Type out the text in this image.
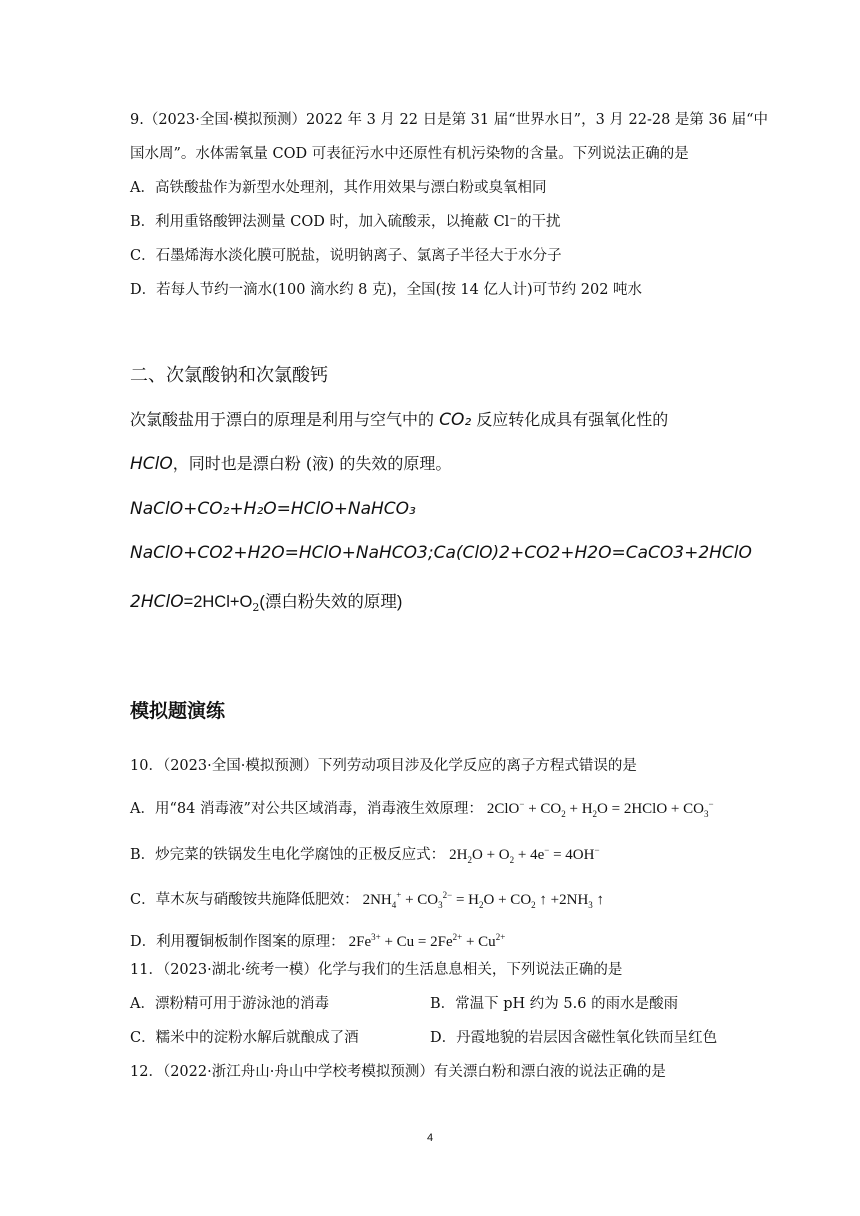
9.（2023·全国·模拟预测）2022 年 3 月 22 日是第 31 届“世界水日”，3 月 22-28 是第 36 届“中
国水周”。水体需氧量 COD 可表征污水中还原性有机污染物的含量。下列说法正确的是
A．高铁酸盐作为新型水处理剂，其作用效果与漂白粉或臭氧相同
B．利用重铬酸钾法测量 COD 时，加入硫酸汞，以掩蔽 Cl⁻的干扰
C．石墨烯海水淡化膜可脱盐，说明钠离子、氯离子半径大于水分子
D．若每人节约一滴水(100 滴水约 8 克)，全国(按 14 亿人计)可节约 202 吨水
二、次氯酸钠和次氯酸钙
次氯酸盐用于漂白的原理是利用与空气中的 CO₂ 反应转化成具有强氧化性的
HClO，同时也是漂白粉 (液) 的失效的原理。
NaClO+CO₂+H₂O=HClO+NaHCO₃
NaClO+CO2+H2O=HClO+NaHCO3;Ca(ClO)2+CO2+H2O=CaCO3+2HClO
$2HClO=2HCl+O_2$(漂白粉失效的原理)
模拟题演练
10．（2023·全国·模拟预测）下列劳动项目涉及化学反应的离子方程式错误的是
A．用“84 消毒液”对公共区域消毒，消毒液生效原理： $2ClO^- + CO_2 + H_2O$ = 2HClO + $CO_3^-$
B．炒完菜的铁锅发生电化学腐蚀的正极反应式： $2H_2O + O_2 + 4e^- = 4OH^-$
C．草木灰与硝酸铵共施降低肥效： $2NH_4^+ + CO_3^{2-} = H_2O + CO_2$ ↑ $+2NH_3$ ↑
D．利用覆铜板制作图案的原理： $2Fe^{3+} + Cu = 2Fe^{2+} + Cu^{2+}$
11．（2023·湖北·统考一模）化学与我们的生活息息相关，下列说法正确的是
A．漂粉精可用于游泳池的消毒	B．常温下 pH 约为 5.6 的雨水是酸雨
C．糯米中的淀粉水解后就酿成了酒	D．丹霞地貌的岩层因含磁性氧化铁而呈红色
12．（2022·浙江舟山·舟山中学校考模拟预测）有关漂白粉和漂白液的说法正确的是
4
